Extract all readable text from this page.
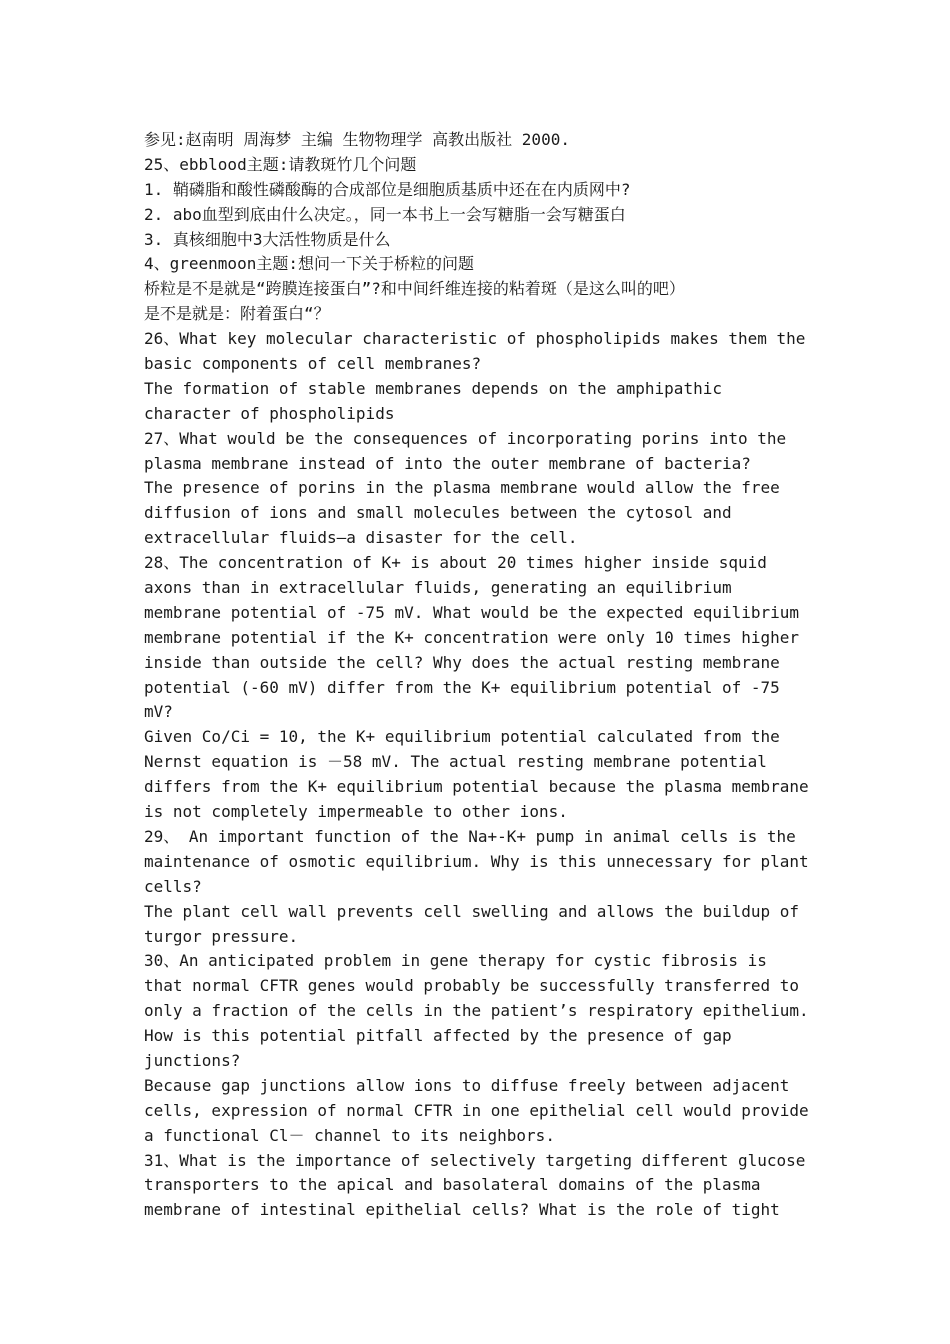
参见:赵南明 周海梦 主编 生物物理学 高教出版社 2000.
25、ebblood主题:请教斑竹几个问题
1. 鞘磷脂和酸性磷酸酶的合成部位是细胞质基质中还在在内质网中?
2. abo血型到底由什么决定。，同一本书上一会写糖脂一会写糖蛋白
3. 真核细胞中3大活性物质是什么
4、greenmoon主题:想问一下关于桥粒的问题
桥粒是不是就是“跨膜连接蛋白”?和中间纤维连接的粘着斑（是这么叫的吧）
是不是就是：附着蛋白“？
26、What key molecular characteristic of phospholipids makes them the
basic components of cell membranes?
The formation of stable membranes depends on the amphipathic
character of phospholipids
27、What would be the consequences of incorporating porins into the
plasma membrane instead of into the outer membrane of bacteria?
The presence of porins in the plasma membrane would allow the free
diffusion of ions and small molecules between the cytosol and
extracellular fluids—a disaster for the cell.
28、The concentration of K+ is about 20 times higher inside squid
axons than in extracellular fluids, generating an equilibrium
membrane potential of -75 mV. What would be the expected equilibrium
membrane potential if the K+ concentration were only 10 times higher
inside than outside the cell? Why does the actual resting membrane
potential (-60 mV) differ from the K+ equilibrium potential of -75
mV?
Given Co/Ci = 10, the K+ equilibrium potential calculated from the
Nernst equation is －58 mV. The actual resting membrane potential
differs from the K+ equilibrium potential because the plasma membrane
is not completely impermeable to other ions.
29、 An important function of the Na+-K+ pump in animal cells is the
maintenance of osmotic equilibrium. Why is this unnecessary for plant
cells?
The plant cell wall prevents cell swelling and allows the buildup of
turgor pressure.
30、An anticipated problem in gene therapy for cystic fibrosis is
that normal CFTR genes would probably be successfully transferred to
only a fraction of the cells in the patient’s respiratory epithelium.
How is this potential pitfall affected by the presence of gap
junctions?
Because gap junctions allow ions to diffuse freely between adjacent
cells, expression of normal CFTR in one epithelial cell would provide
a functional Cl－ channel to its neighbors.
31、What is the importance of selectively targeting different glucose
transporters to the apical and basolateral domains of the plasma
membrane of intestinal epithelial cells? What is the role of tight
